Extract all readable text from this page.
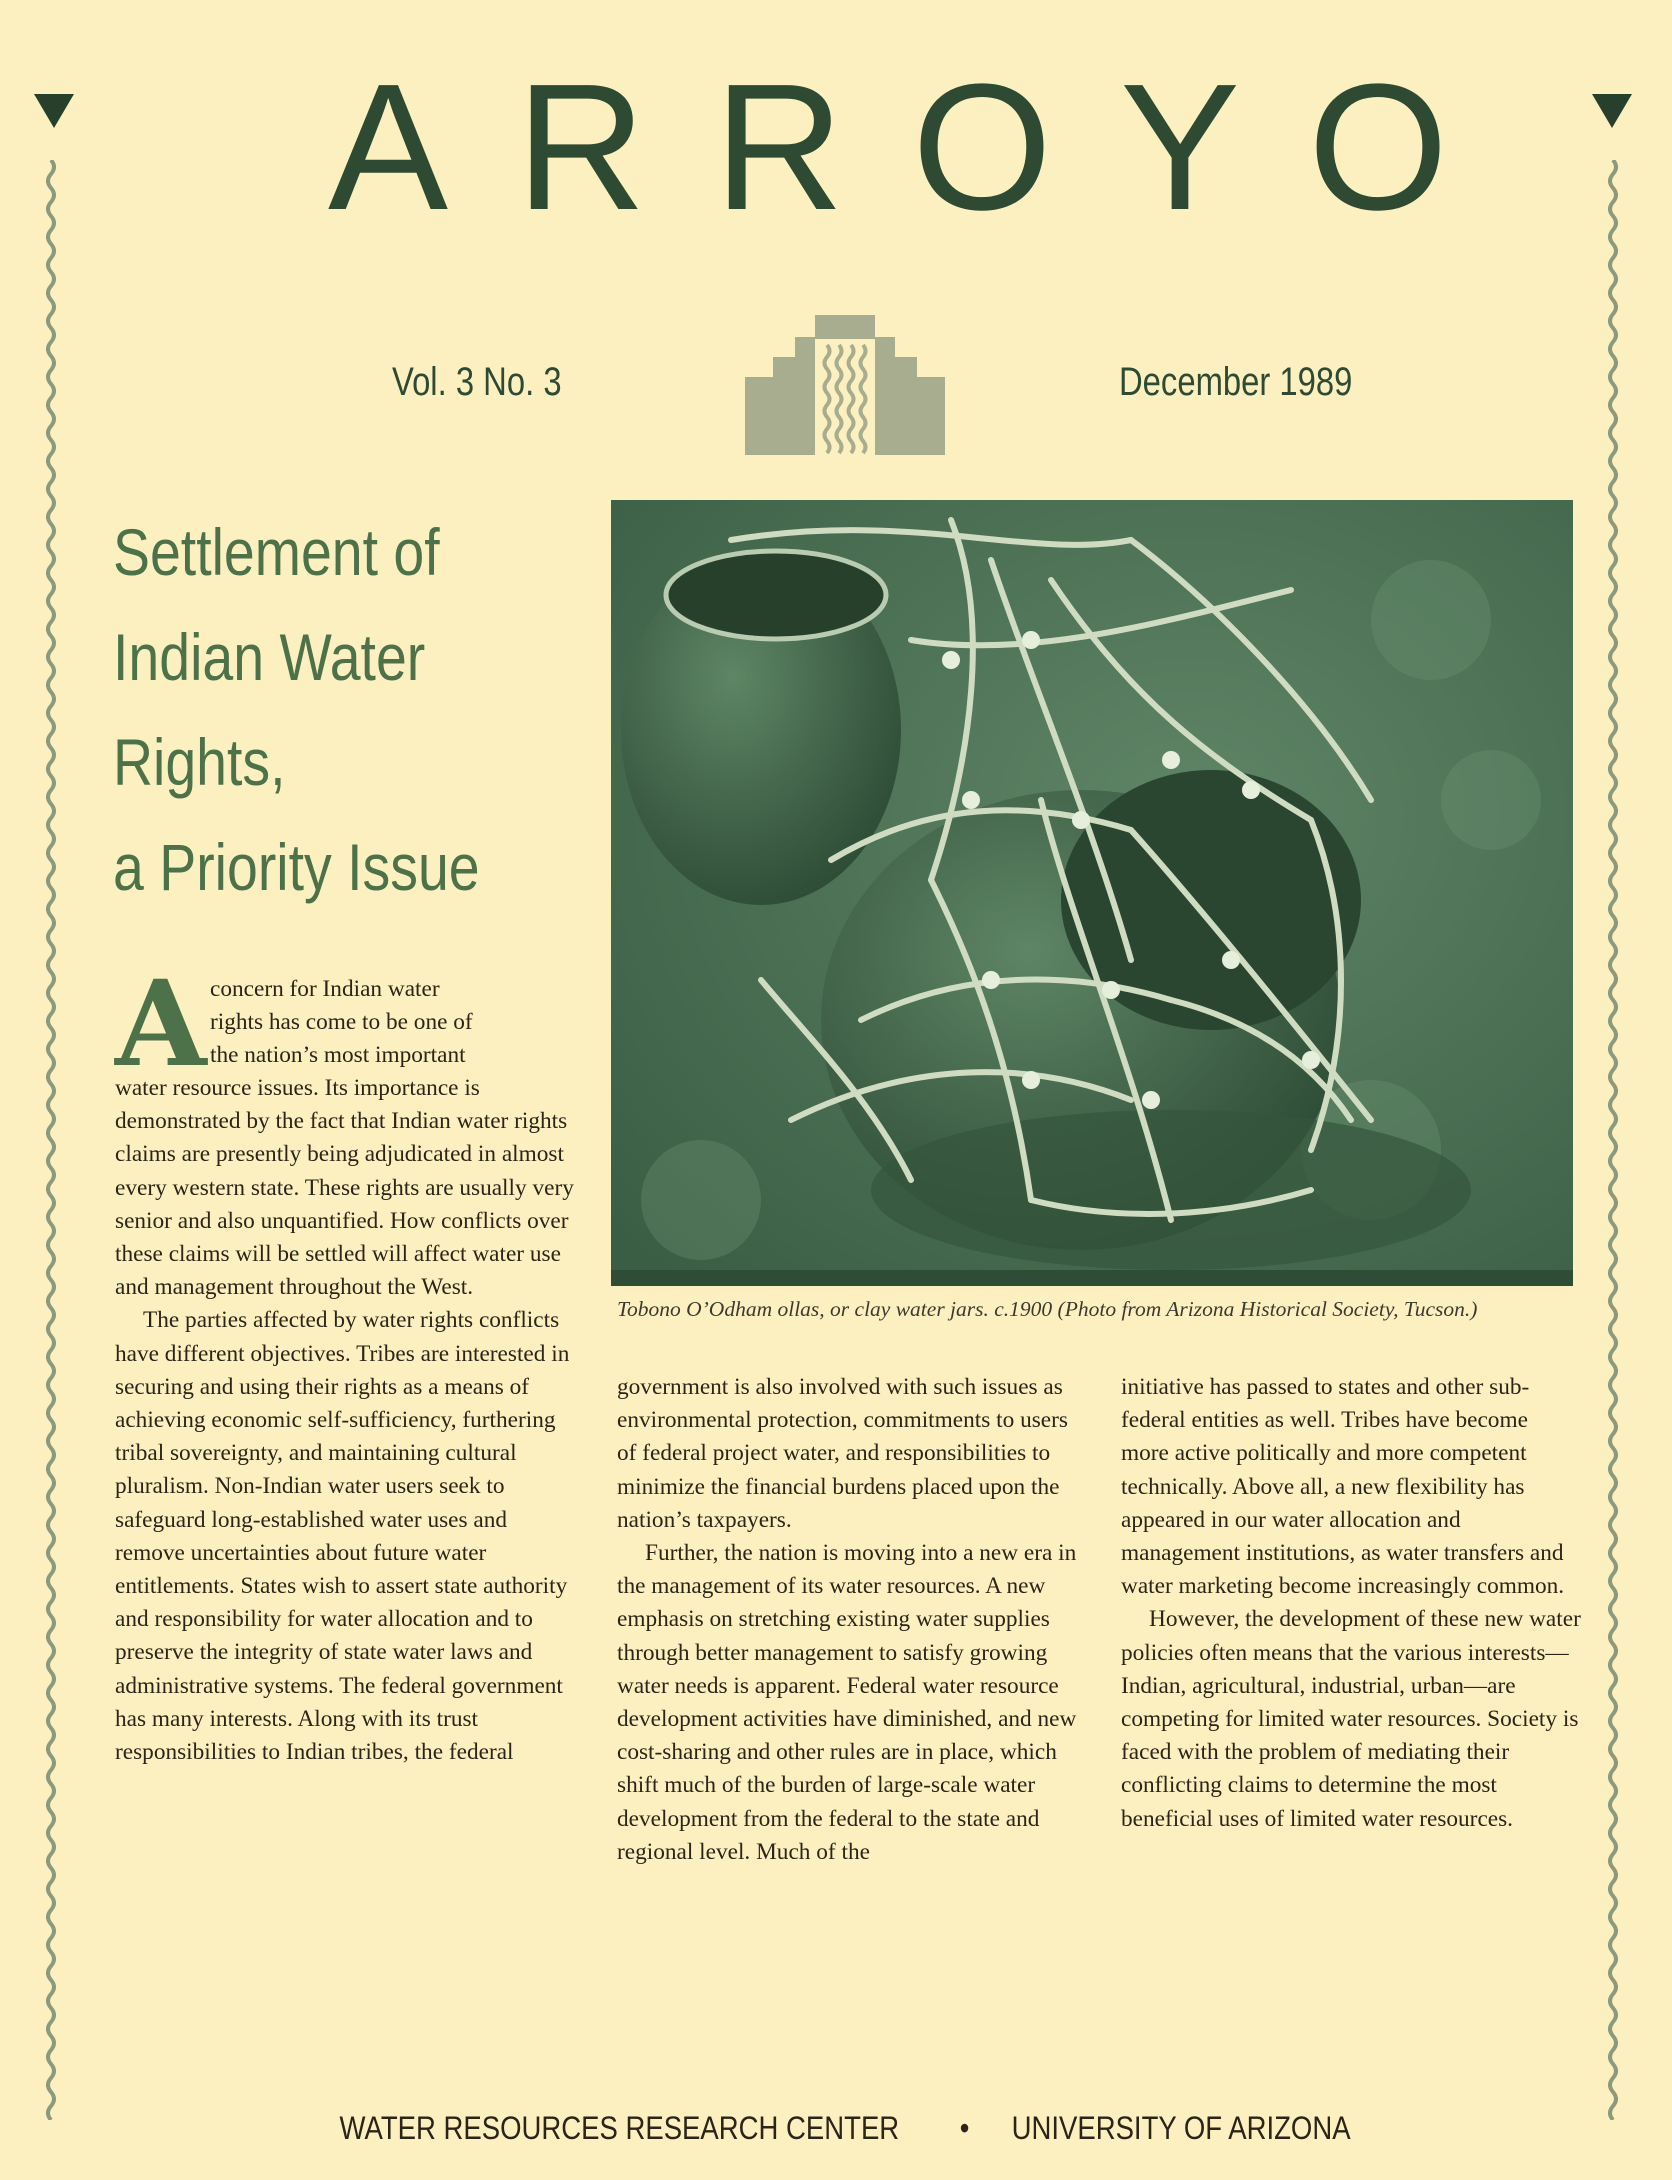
ARROYO
Vol. 3 No. 3	December 1989
Settlement of
Indian Water
Rights,
a Priority Issue
Tobono O’Odham ollas, or clay water jars. c.1900 (Photo from Arizona Historical Society, Tucson.)
A concern for Indian water
rights has come to be one of
the nation’s most important

water resource issues. Its importance is demonstrated by the fact that Indian water rights claims are presently being adjudicated in almost every western state. These rights are usually very senior and also unquantified. How conflicts over these claims will be settled will affect water use and management throughout the West.

The parties affected by water rights conflicts have different objectives. Tribes are interested in securing and using their rights as a means of achieving economic self-sufficiency, furthering tribal sovereignty, and maintaining cultural pluralism. Non-Indian water users seek to safeguard long-established water uses and remove uncertainties about future water entitlements. States wish to assert state authority and responsibility for water allocation and to preserve the integrity of state water laws and administrative systems. The federal government has many interests. Along with its trust responsibilities to Indian tribes, the federal

government is also involved with such issues as environmental protection, commitments to users of federal project water, and responsibilities to minimize the financial burdens placed upon the nation’s taxpayers.

Further, the nation is moving into a new era in the management of its water resources. A new emphasis on stretching existing water supplies through better management to satisfy growing water needs is apparent. Federal water resource development activities have diminished, and new cost-sharing and other rules are in place, which shift much of the burden of large-scale water development from the federal to the state and regional level. Much of the

initiative has passed to states and other sub-federal entities as well. Tribes have become more active politically and more competent technically. Above all, a new flexibility has appeared in our water allocation and management institutions, as water transfers and water marketing become increasingly common.

However, the development of these new water policies often means that the various interests—Indian, agricultural, industrial, urban—are competing for limited water resources. Society is faced with the problem of mediating their conflicting claims to determine the most beneficial uses of limited water resources.

WATER RESOURCES RESEARCH CENTER • UNIVERSITY OF ARIZONA
